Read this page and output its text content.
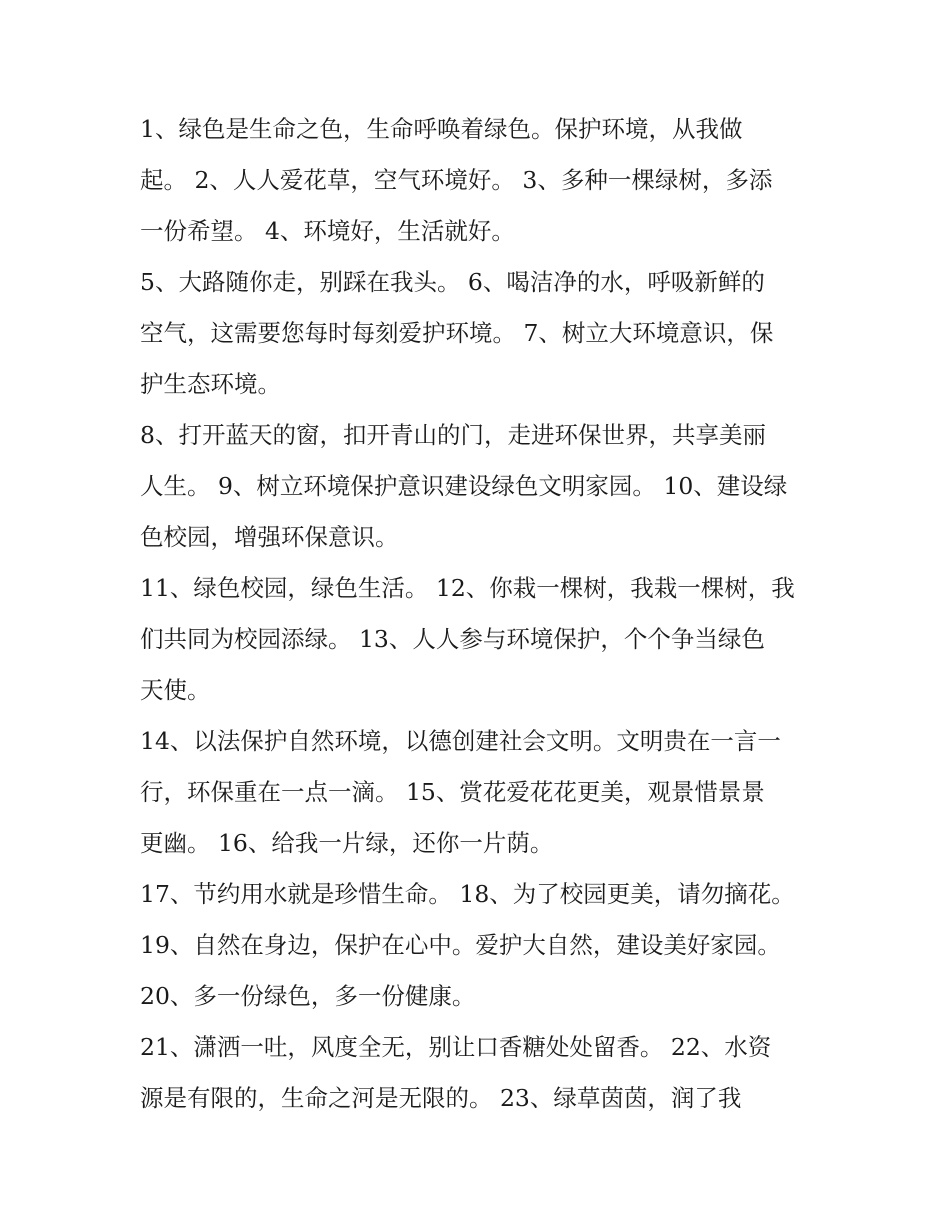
1、绿色是生命之色，生命呼唤着绿色。保护环境，从我做
起。 2、人人爱花草，空气环境好。 3、多种一棵绿树，多添
一份希望。 4、环境好，生活就好。
5、大路随你走，别踩在我头。 6、喝洁净的水，呼吸新鲜的
空气，这需要您每时每刻爱护环境。 7、树立大环境意识，保
护生态环境。
8、打开蓝天的窗，扣开青山的门，走进环保世界，共享美丽
人生。 9、树立环境保护意识建设绿色文明家园。 10、建设绿
色校园，增强环保意识。
11、绿色校园，绿色生活。 12、你栽一棵树，我栽一棵树，我
们共同为校园添绿。 13、人人参与环境保护，个个争当绿色
天使。
14、以法保护自然环境，以德创建社会文明。文明贵在一言一
行，环保重在一点一滴。 15、赏花爱花花更美，观景惜景景
更幽。 16、给我一片绿，还你一片荫。
17、节约用水就是珍惜生命。 18、为了校园更美，请勿摘花。
19、自然在身边，保护在心中。爱护大自然，建设美好家园。
20、多一份绿色，多一份健康。
21、潇洒一吐，风度全无，别让口香糖处处留香。 22、水资
源是有限的，生命之河是无限的。 23、绿草茵茵，润了我
